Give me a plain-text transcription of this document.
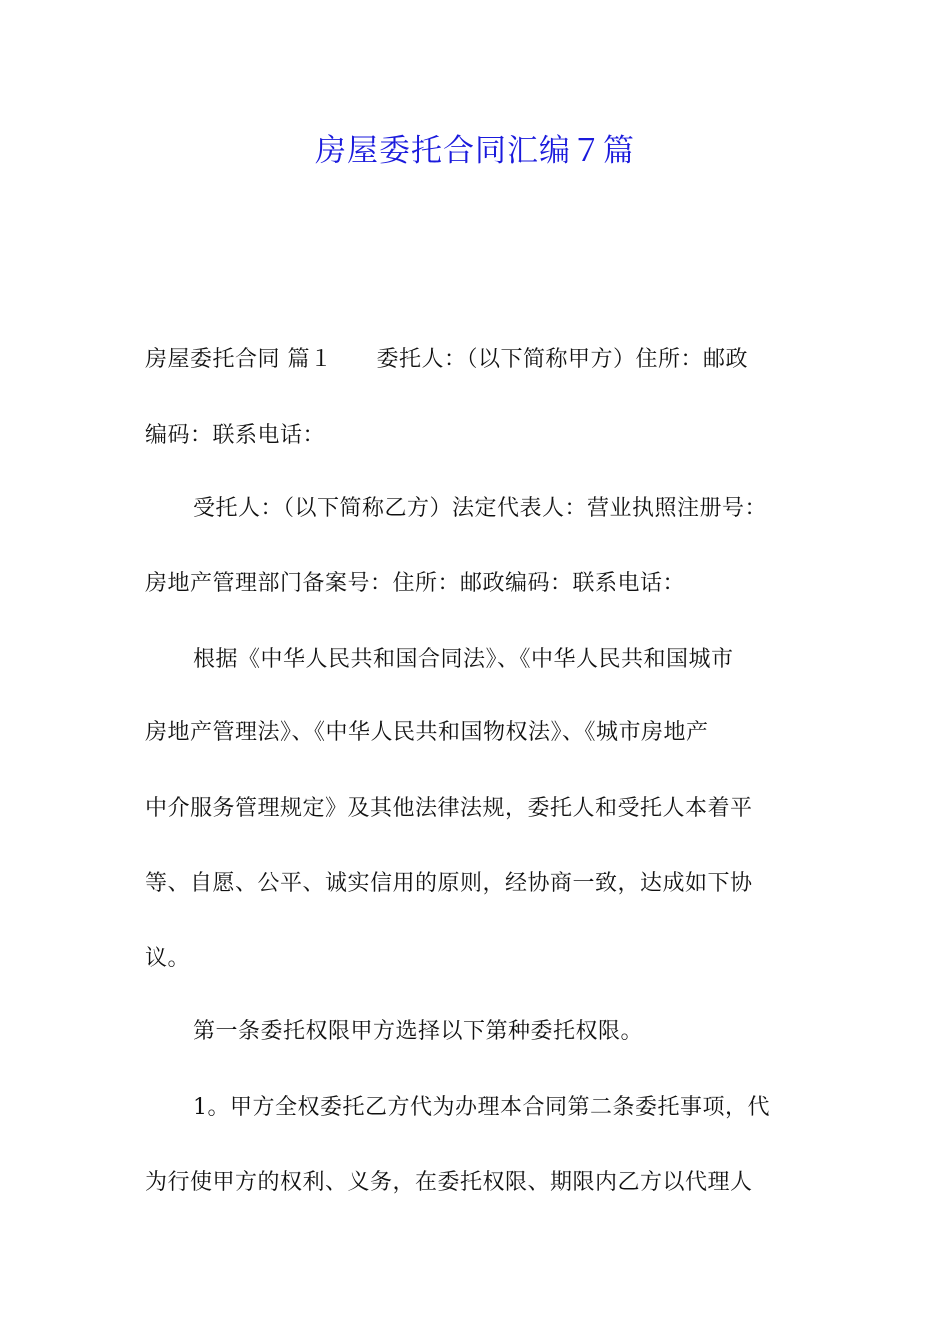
房屋委托合同汇编７篇
房屋委托合同 篇１ 委托人：（以下简称甲方）住所：邮政
编码：联系电话：
受托人：（以下简称乙方）法定代表人：营业执照注册号：
房地产管理部门备案号：住所：邮政编码：联系电话：
根据《中华人民共和国合同法》、《中华人民共和国城市
房地产管理法》、《中华人民共和国物权法》、《城市房地产
中介服务管理规定》及其他法律法规，委托人和受托人本着平
等、自愿、公平、诚实信用的原则，经协商一致，达成如下协
议。
第一条委托权限甲方选择以下第种委托权限。
1。甲方全权委托乙方代为办理本合同第二条委托事项，代
为行使甲方的权利、义务，在委托权限、期限内乙方以代理人
